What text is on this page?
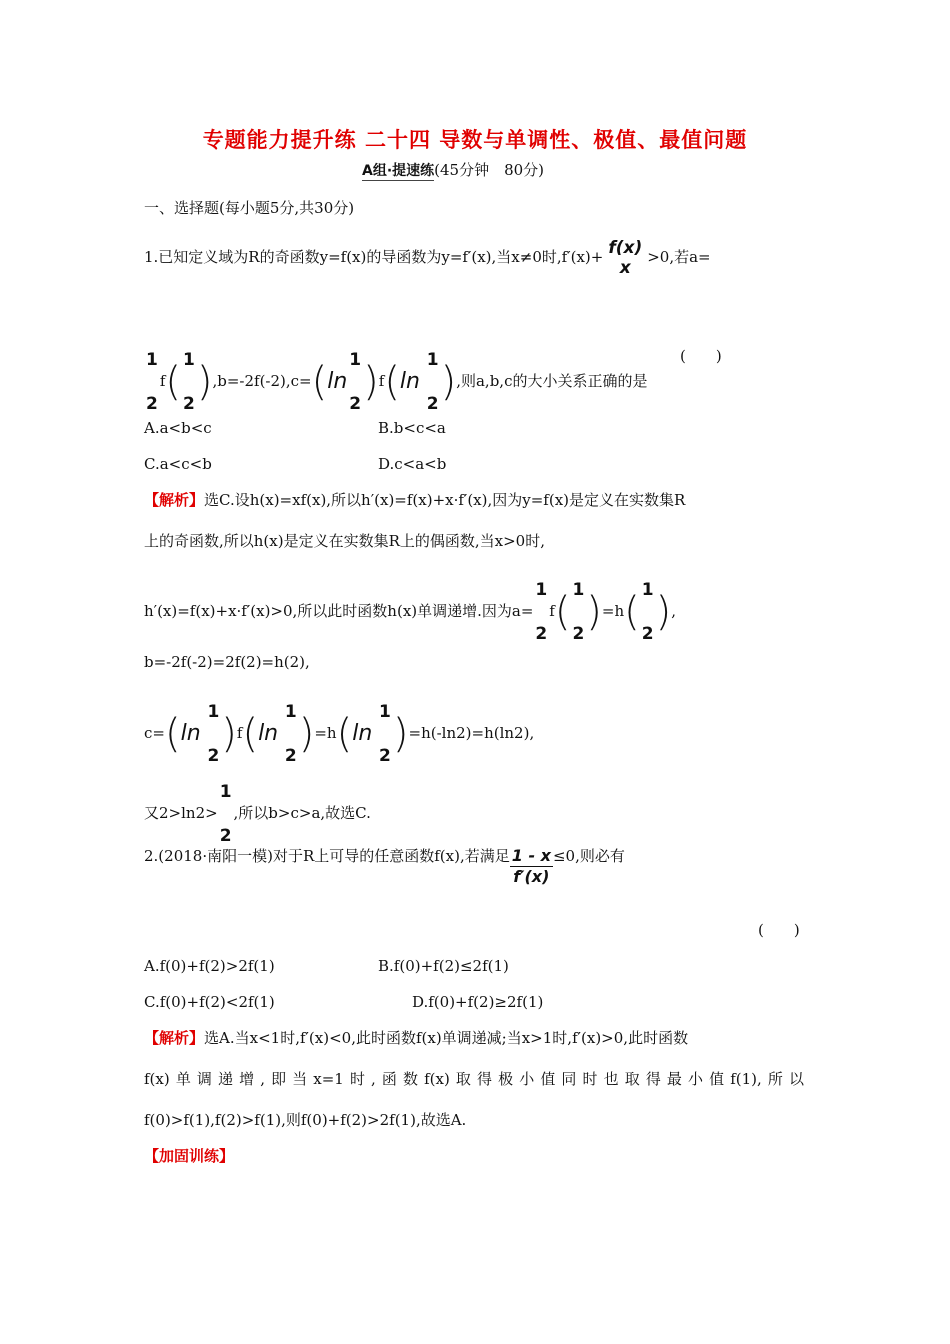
专题能力提升练 二十四 导数与单调性、极值、最值问题
A组·提速练(45分钟　80分)
一、选择题(每小题5分,共30分)
1.已知定义域为R的奇函数y=f(x)的导函数为y=f′(x),当x≠0时,f′(x)+ f(x)
x
>0,若a=
1
2
f( 1
2 ),b=-2f(-2),c=(ln
1
2 )f(ln
1
2 ),则a,b,c的大小关系正确的是
(　　)
A.a<b<c	B.b<c<a
C.a<c<b	D.c<a<b
【解析】选C.设h(x)=xf(x),所以h′(x)=f(x)+x·f′(x),因为y=f(x)是定义在实数集R
上的奇函数,所以h(x)是定义在实数集R上的偶函数,当x>0时,
h′(x)=f(x)+x·f′(x)>0,所以此时函数h(x)单调递增.因为a=
1
2
f( 1
2 )=h( 1
2 ),
b=-2f(-2)=2f(2)=h(2),
c=(ln
1
2 )f(ln
1
2 )=h(ln
1
2 )=h(-ln2)=h(ln2),
又2>ln2>
1
2
,所以b>c>a,故选C.
2.(2018·南阳一模)对于R上可导的任意函数f(x),若满足 $\frac{1 - x}{f'(x)} \le 0$,则必有
(　　)
A.f(0)+f(2)>2f(1)	B.f(0)+f(2)≤2f(1)
C.f(0)+f(2)<2f(1)	D.f(0)+f(2)≥2f(1)
【解析】选A.当x<1时,f′(x)<0,此时函数f(x)单调递减;当x>1时,f′(x)>0,此时函数
f(x)单调递增,即当x=1时,函数f(x)取得极小值同时也取得最小值f(1),所以
f(0)>f(1),f(2)>f(1),则f(0)+f(2)>2f(1),故选A.
【加固训练】
